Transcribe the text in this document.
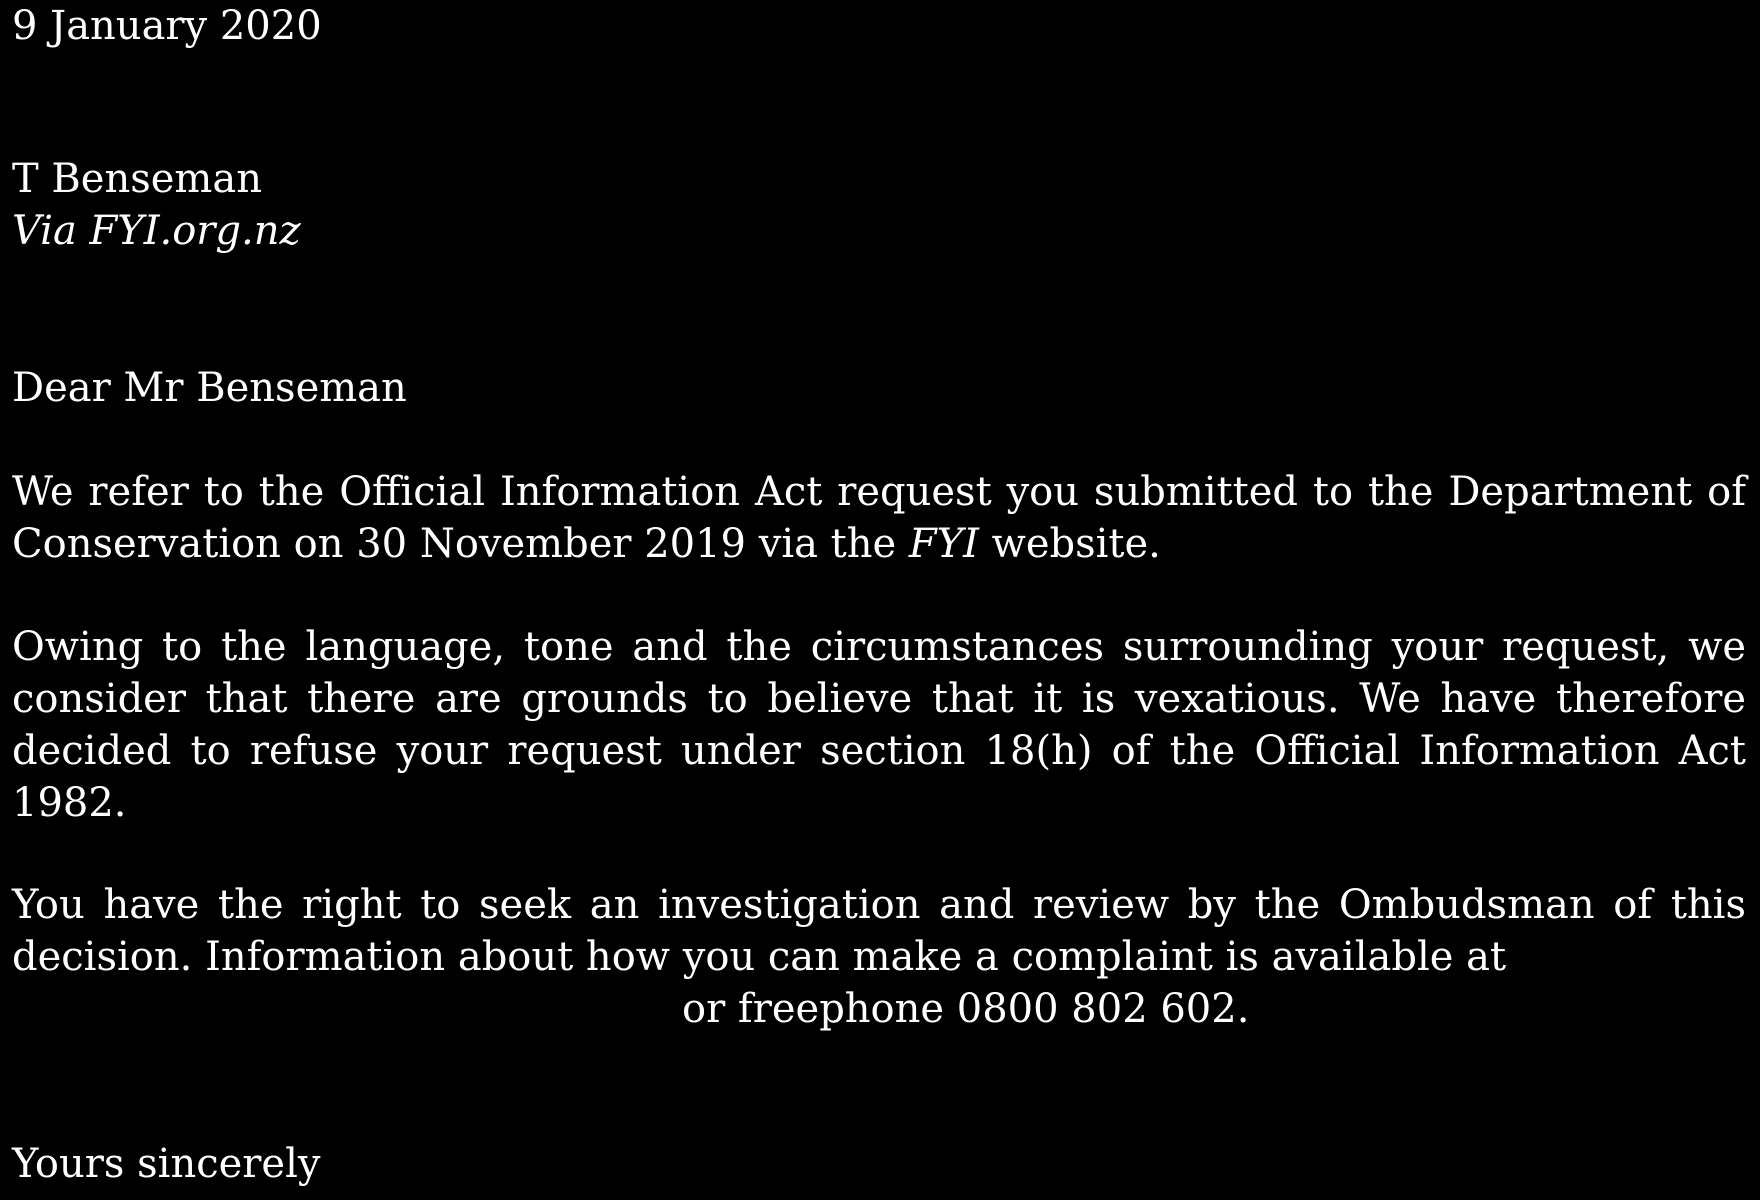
9 January 2020
T Benseman
Via FYI.org.nz
Dear Mr Benseman

We refer to the Official Information Act request you submitted to the Department of Conservation on 30 November 2019 via the FYI website.

Owing to the language, tone and the circumstances surrounding your request, we consider that there are grounds to believe that it is vexatious. We have therefore decided to refuse your request under section 18(h) of the Official Information Act 1982.

You have the right to seek an investigation and review by the Ombudsman of this decision. Information about how you can make a complaint is available at
or freephone 0800 802 602.
Yours sincerely
